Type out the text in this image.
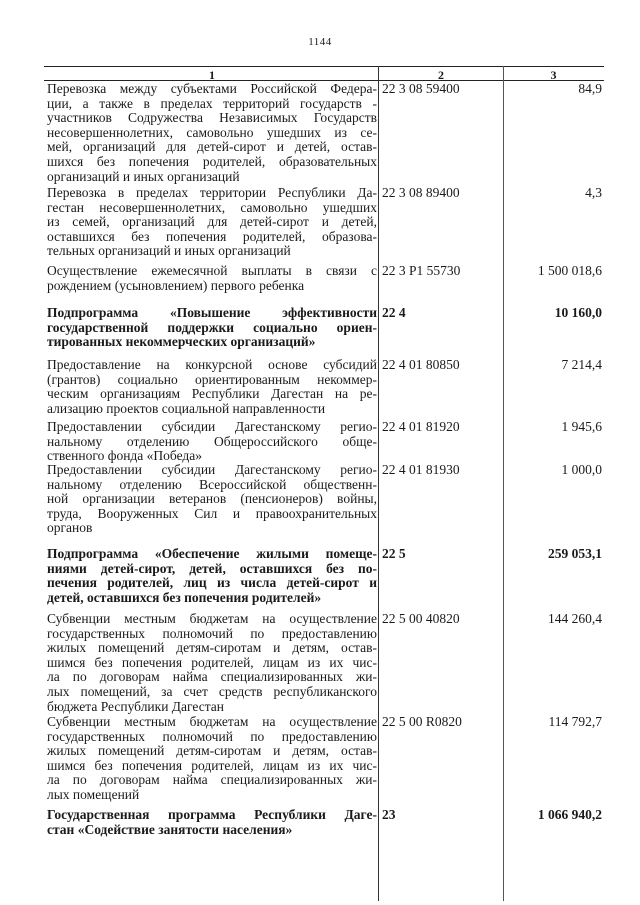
1144
1	2	3
Перевозка между субъектами Российской Федера-
ции, а также в пределах территорий государств -
участников Содружества Независимых Государств
несовершеннолетних, самовольно ушедших из се-
мей, организаций для детей-сирот и детей, остав-
шихся без попечения родителей, образовательных
организаций и иных организаций
22 3 08 59400	84,9
Перевозка в пределах территории Республики Да-
гестан несовершеннолетних, самовольно ушедших
из семей, организаций для детей-сирот и детей,
оставшихся без попечения родителей, образова-
тельных организаций и иных организаций
22 3 08 89400	4,3
Осуществление ежемесячной выплаты в связи с
рождением (усыновлением) первого ребенка
22 3 P1 55730	1 500 018,6
Подпрограмма «Повышение эффективности
государственной поддержки социально ориен-
тированных некоммерческих организаций»
22 4	10 160,0
Предоставление на конкурсной основе субсидий
(грантов) социально ориентированным некоммер-
ческим организациям Республики Дагестан на ре-
ализацию проектов социальной направленности
22 4 01 80850	7 214,4
Предоставлении субсидии Дагестанскому регио-
нальному отделению Общероссийского обще-
ственного фонда «Победа»
22 4 01 81920	1 945,6
Предоставлении субсидии Дагестанскому регио-
нальному отделению Всероссийской общественн-
ной организации ветеранов (пенсионеров) войны,
труда, Вооруженных Сил и правоохранительных
органов
22 4 01 81930	1 000,0
Подпрограмма «Обеспечение жилыми помеще-
ниями детей-сирот, детей, оставшихся без по-
печения родителей, лиц из числа детей-сирот и
детей, оставшихся без попечения родителей»
22 5	259 053,1
Субвенции местным бюджетам на осуществление
государственных полномочий по предоставлению
жилых помещений детям-сиротам и детям, остав-
шимся без попечения родителей, лицам из их чис-
ла по договорам найма специализированных жи-
лых помещений, за счет средств республиканского
бюджета Республики Дагестан
22 5 00 40820	144 260,4
Субвенции местным бюджетам на осуществление
государственных полномочий по предоставлению
жилых помещений детям-сиротам и детям, остав-
шимся без попечения родителей, лицам из их чис-
ла по договорам найма специализированных жи-
лых помещений
22 5 00 R0820	114 792,7
Государственная программа Республики Даге-
стан «Содействие занятости населения»
23	1 066 940,2
